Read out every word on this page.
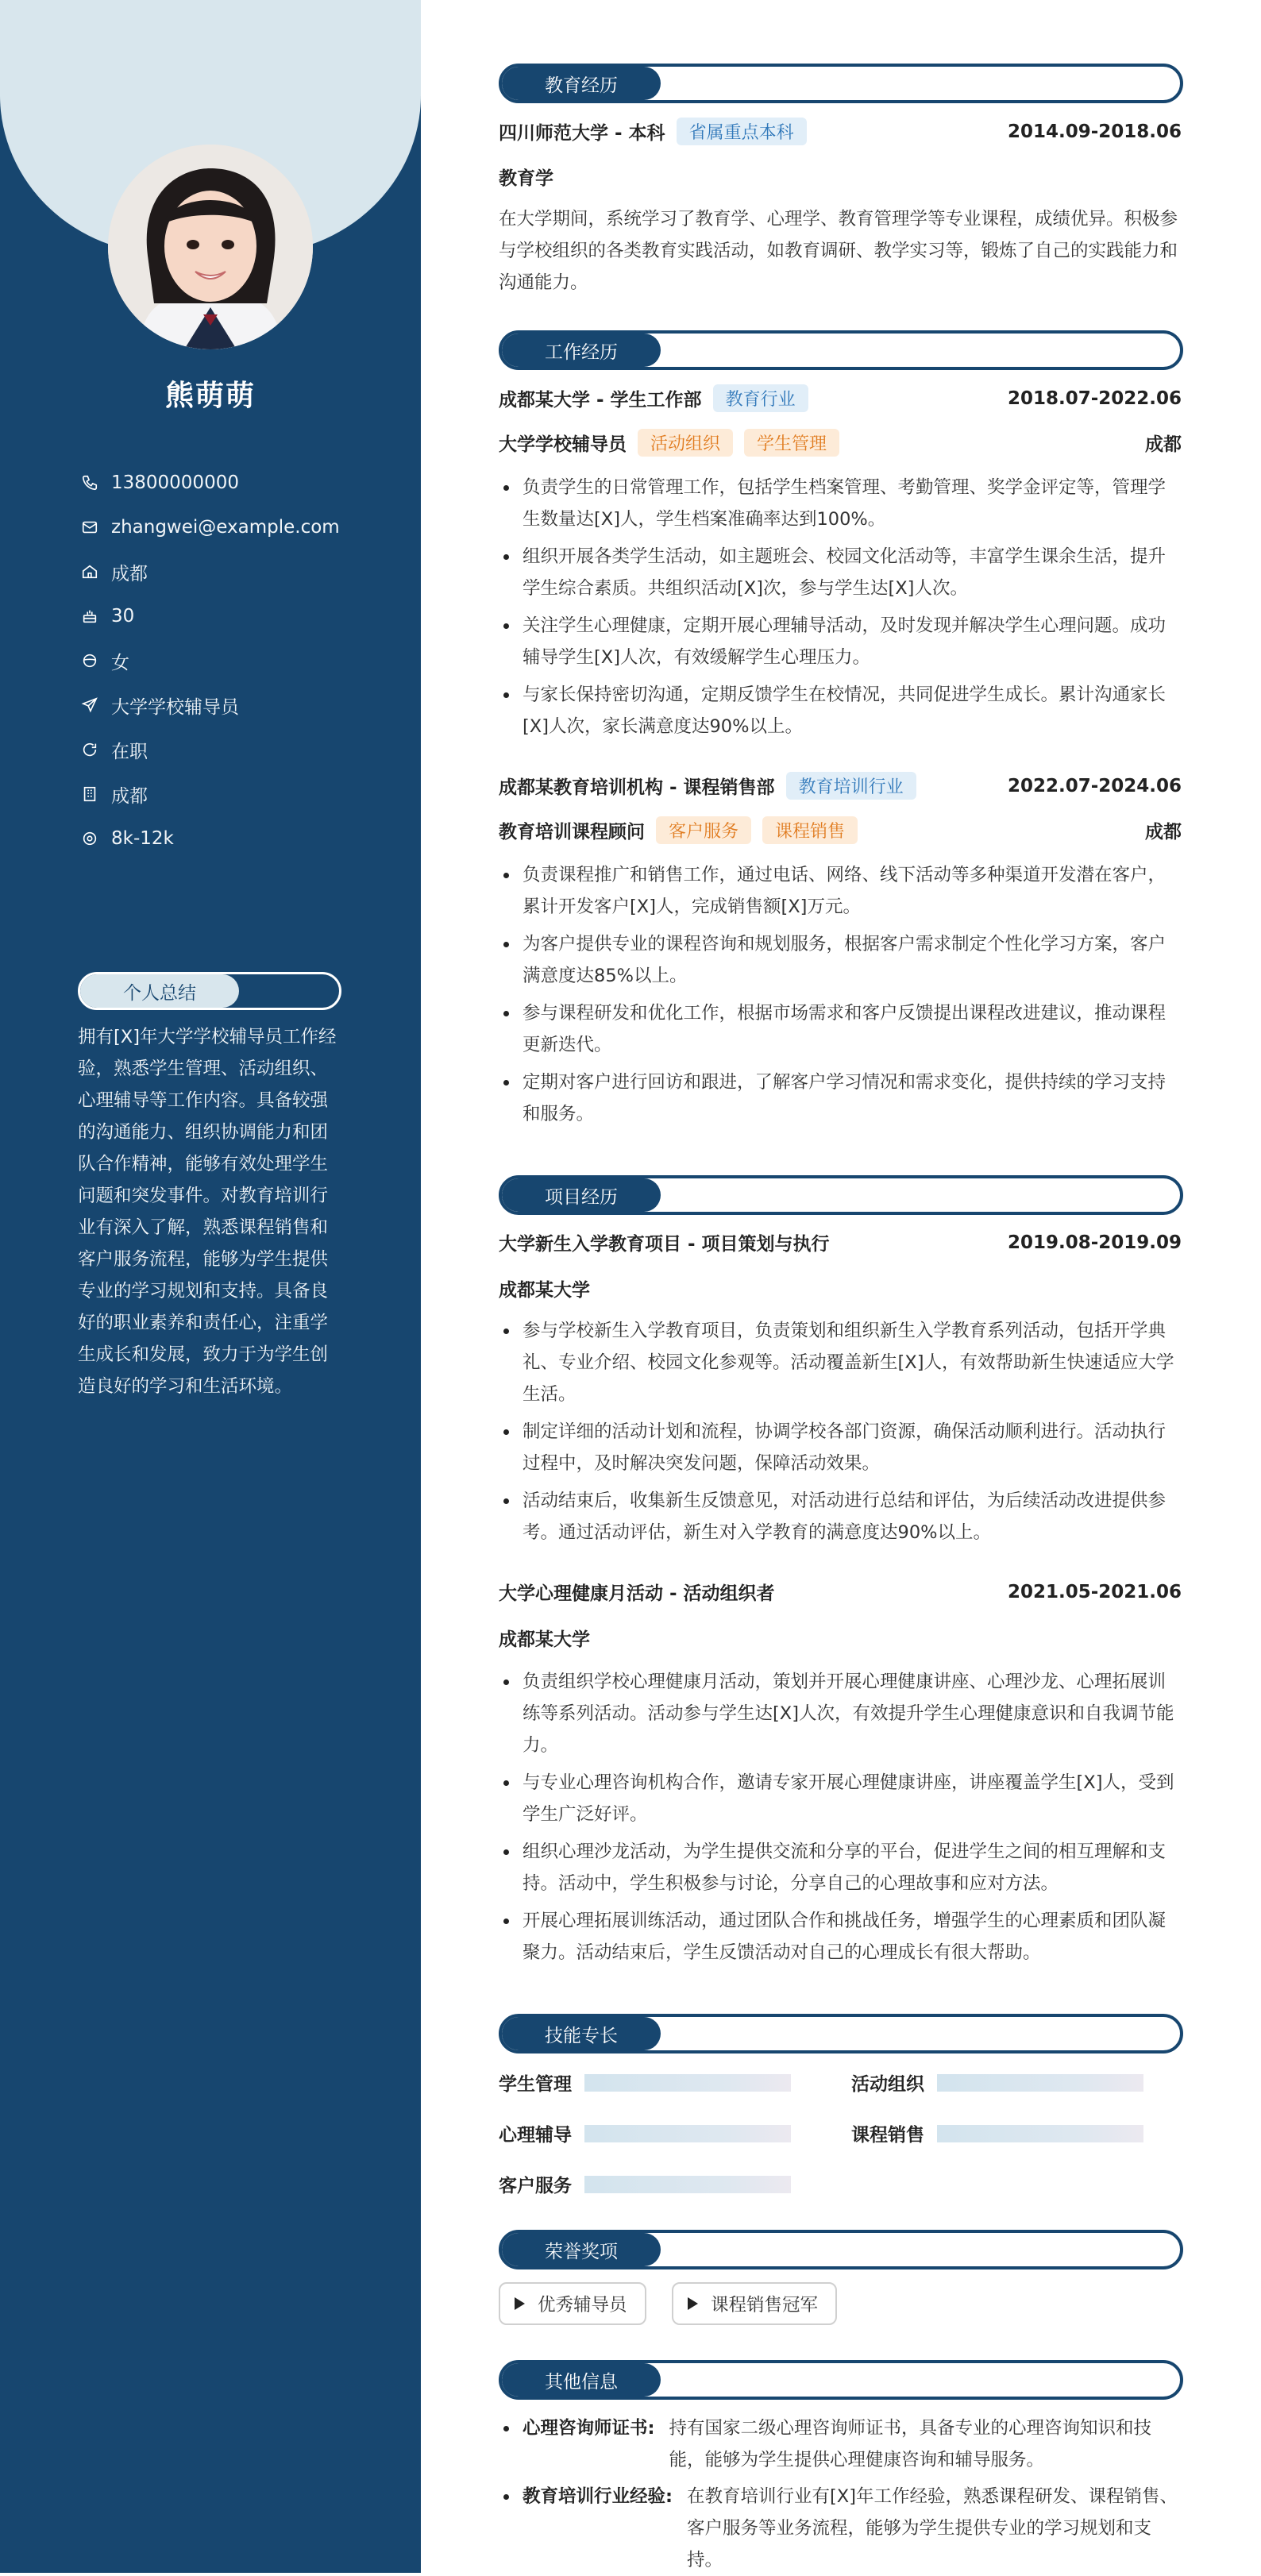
熊萌萌
13800000000
zhangwei@example.com
成都
30
女
大学学校辅导员
在职
成都
8k-12k
个人总结
拥有[X]年大学学校辅导员工作经验，熟悉学生管理、活动组织、心理辅导等工作内容。具备较强的沟通能力、组织协调能力和团队合作精神，能够有效处理学生问题和突发事件。对教育培训行业有深入了解，熟悉课程销售和客户服务流程，能够为学生提供专业的学习规划和支持。具备良好的职业素养和责任心，注重学生成长和发展，致力于为学生创造良好的学习和生活环境。
教育经历
四川师范大学 - 本科	省属重点本科	2014.09-2018.06
教育学
在大学期间，系统学习了教育学、心理学、教育管理学等专业课程，成绩优异。积极参与学校组织的各类教育实践活动，如教育调研、教学实习等，锻炼了自己的实践能力和沟通能力。
工作经历
成都某大学 - 学生工作部	教育行业	2018.07-2022.06
大学学校辅导员	活动组织	学生管理	成都
负责学生的日常管理工作，包括学生档案管理、考勤管理、奖学金评定等，管理学生数量达[X]人，学生档案准确率达到100%。
组织开展各类学生活动，如主题班会、校园文化活动等，丰富学生课余生活，提升学生综合素质。共组织活动[X]次，参与学生达[X]人次。
关注学生心理健康，定期开展心理辅导活动，及时发现并解决学生心理问题。成功辅导学生[X]人次，有效缓解学生心理压力。
与家长保持密切沟通，定期反馈学生在校情况，共同促进学生成长。累计沟通家长[X]人次，家长满意度达90%以上。
成都某教育培训机构 - 课程销售部	教育培训行业	2022.07-2024.06
教育培训课程顾问	客户服务	课程销售	成都
负责课程推广和销售工作，通过电话、网络、线下活动等多种渠道开发潜在客户，累计开发客户[X]人，完成销售额[X]万元。
为客户提供专业的课程咨询和规划服务，根据客户需求制定个性化学习方案，客户满意度达85%以上。
参与课程研发和优化工作，根据市场需求和客户反馈提出课程改进建议，推动课程更新迭代。
定期对客户进行回访和跟进，了解客户学习情况和需求变化，提供持续的学习支持和服务。
项目经历
大学新生入学教育项目 - 项目策划与执行	2019.08-2019.09
成都某大学
参与学校新生入学教育项目，负责策划和组织新生入学教育系列活动，包括开学典礼、专业介绍、校园文化参观等。活动覆盖新生[X]人，有效帮助新生快速适应大学生活。
制定详细的活动计划和流程，协调学校各部门资源，确保活动顺利进行。活动执行过程中，及时解决突发问题，保障活动效果。
活动结束后，收集新生反馈意见，对活动进行总结和评估，为后续活动改进提供参考。通过活动评估，新生对入学教育的满意度达90%以上。
大学心理健康月活动 - 活动组织者	2021.05-2021.06
成都某大学
负责组织学校心理健康月活动，策划并开展心理健康讲座、心理沙龙、心理拓展训练等系列活动。活动参与学生达[X]人次，有效提升学生心理健康意识和自我调节能力。
与专业心理咨询机构合作，邀请专家开展心理健康讲座，讲座覆盖学生[X]人，受到学生广泛好评。
组织心理沙龙活动，为学生提供交流和分享的平台，促进学生之间的相互理解和支持。活动中，学生积极参与讨论，分享自己的心理故事和应对方法。
开展心理拓展训练活动，通过团队合作和挑战任务，增强学生的心理素质和团队凝聚力。活动结束后，学生反馈活动对自己的心理成长有很大帮助。
技能专长
学生管理	活动组织
心理辅导	课程销售
客户服务
荣誉奖项
优秀辅导员	课程销售冠军
其他信息
心理咨询师证书: 持有国家二级心理咨询师证书，具备专业的心理咨询知识和技能，能够为学生提供心理健康咨询和辅导服务。
教育培训行业经验: 在教育培训行业有[X]年工作经验，熟悉课程研发、课程销售、客户服务等业务流程，能够为学生提供专业的学习规划和支持。
